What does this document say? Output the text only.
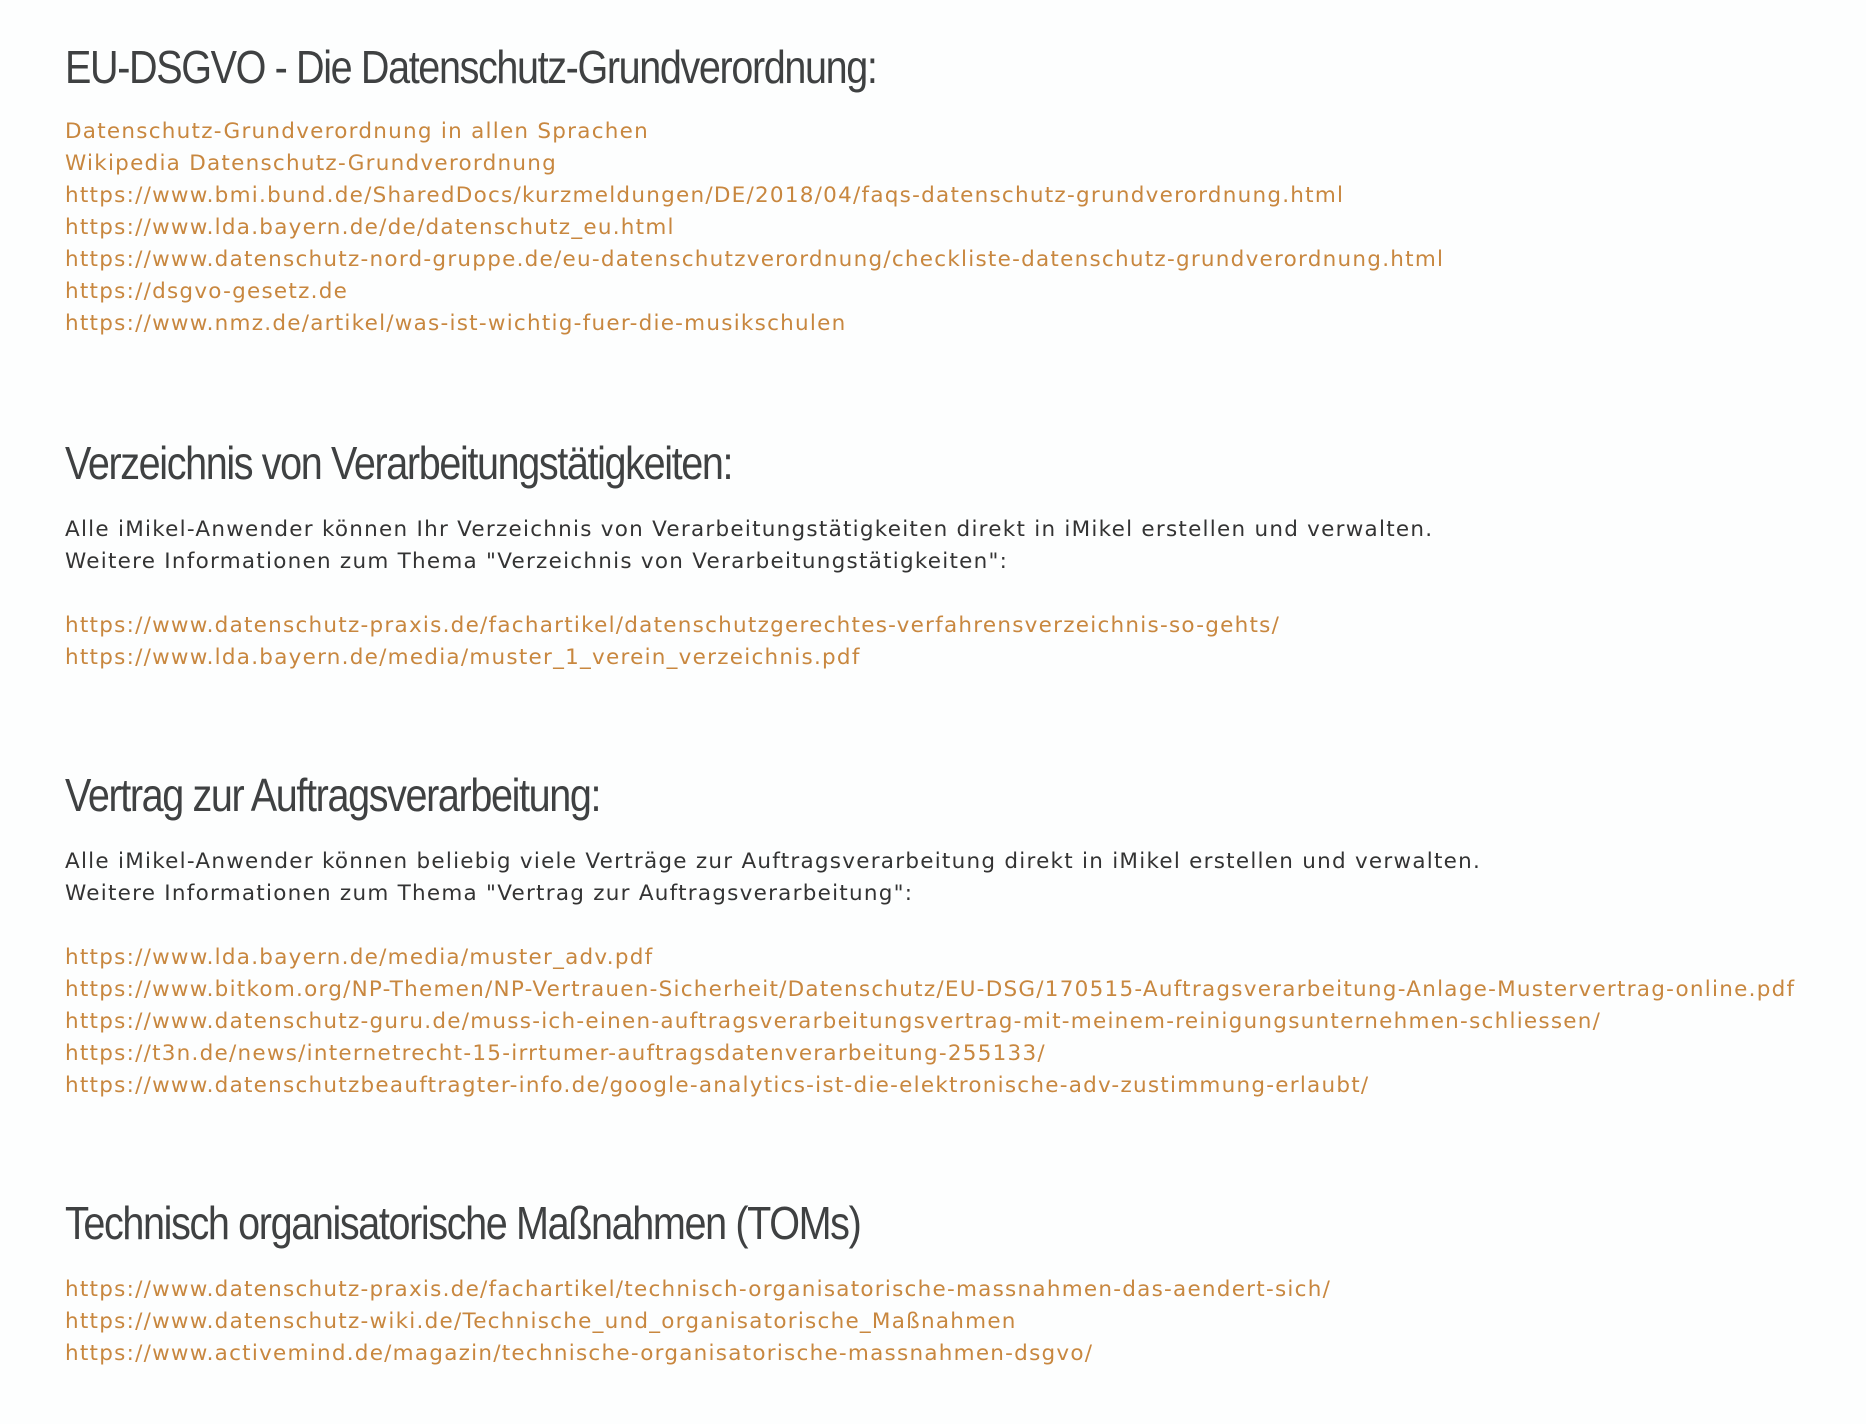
EU-DSGVO - Die Datenschutz-Grundverordnung:
Datenschutz-Grundverordnung in allen Sprachen
Wikipedia Datenschutz-Grundverordnung
https://www.bmi.bund.de/SharedDocs/kurzmeldungen/DE/2018/04/faqs-datenschutz-grundverordnung.html
https://www.lda.bayern.de/de/datenschutz_eu.html
https://www.datenschutz-nord-gruppe.de/eu-datenschutzverordnung/checkliste-datenschutz-grundverordnung.html
https://dsgvo-gesetz.de
https://www.nmz.de/artikel/was-ist-wichtig-fuer-die-musikschulen
Verzeichnis von Verarbeitungstätigkeiten:

Alle iMikel-Anwender können Ihr Verzeichnis von Verarbeitungstätigkeiten direkt in iMikel erstellen und verwalten.

Weitere Informationen zum Thema "Verzeichnis von Verarbeitungstätigkeiten":

https://www.datenschutz-praxis.de/fachartikel/datenschutzgerechtes-verfahrensverzeichnis-so-gehts/
https://www.lda.bayern.de/media/muster_1_verein_verzeichnis.pdf
Vertrag zur Auftragsverarbeitung:

Alle iMikel-Anwender können beliebig viele Verträge zur Auftragsverarbeitung direkt in iMikel erstellen und verwalten.

Weitere Informationen zum Thema "Vertrag zur Auftragsverarbeitung":

https://www.lda.bayern.de/media/muster_adv.pdf
https://www.bitkom.org/NP-Themen/NP-Vertrauen-Sicherheit/Datenschutz/EU-DSG/170515-Auftragsverarbeitung-Anlage-Mustervertrag-online.pdf
https://www.datenschutz-guru.de/muss-ich-einen-auftragsverarbeitungsvertrag-mit-meinem-reinigungsunternehmen-schliessen/
https://t3n.de/news/internetrecht-15-irrtumer-auftragsdatenverarbeitung-255133/
https://www.datenschutzbeauftragter-info.de/google-analytics-ist-die-elektronische-adv-zustimmung-erlaubt/
Technisch organisatorische Maßnahmen (TOMs)
https://www.datenschutz-praxis.de/fachartikel/technisch-organisatorische-massnahmen-das-aendert-sich/
https://www.datenschutz-wiki.de/Technische_und_organisatorische_Maßnahmen
https://www.activemind.de/magazin/technische-organisatorische-massnahmen-dsgvo/
